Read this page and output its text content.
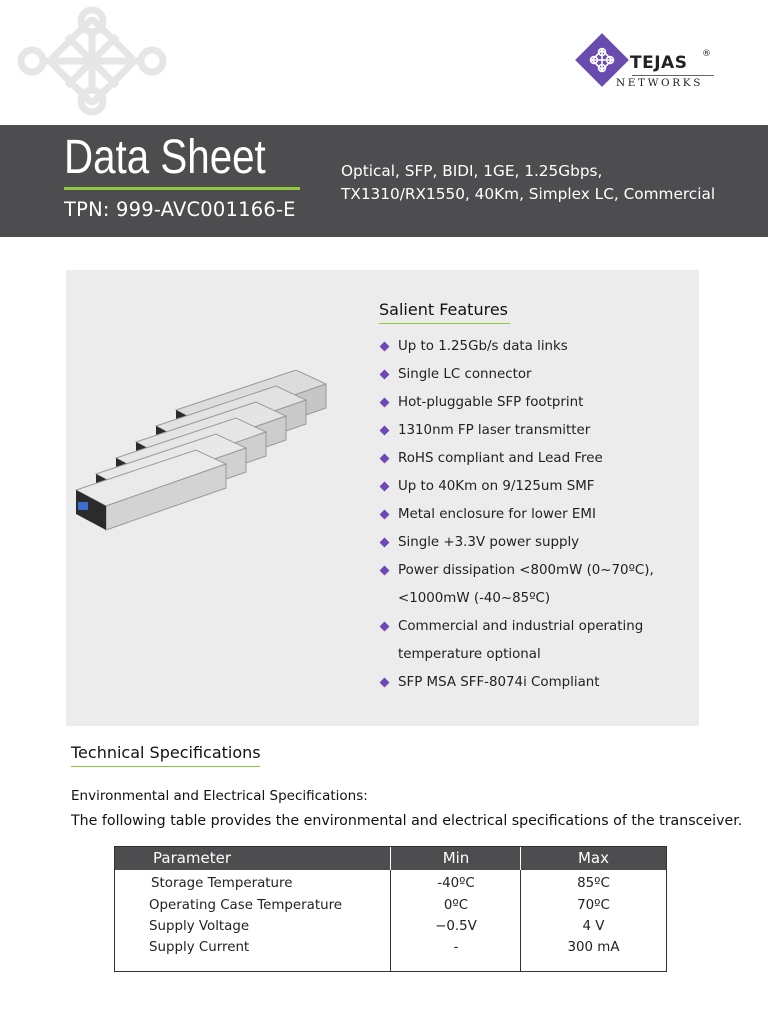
TEJAS ®
NETWORKS
Data Sheet
TPN: 999-AVC001166-E
Optical, SFP, BIDI, 1GE, 1.25Gbps, TX1310/RX1550, 40Km, Simplex LC, Commercial
Salient Features
Up to 1.25Gb/s data links
Single LC connector
Hot-pluggable SFP footprint
1310nm FP laser transmitter
RoHS compliant and Lead Free
Up to 40Km on 9/125um SMF
Metal enclosure for lower EMI
Single +3.3V power supply
Power dissipation <800mW (0~70ºC), <1000mW (-40~85ºC)
Commercial and industrial operating temperature optional
SFP MSA SFF-8074i Compliant
Technical Specifications
Environmental and Electrical Specifications:
The following table provides the environmental and electrical specifications of the transceiver.
Parameter	Min	Max
Storage Temperature	-40ºC	85ºC
Operating Case Temperature	0ºC	70ºC
Supply Voltage	−0.5V	4 V
Supply Current	-	300 mA
